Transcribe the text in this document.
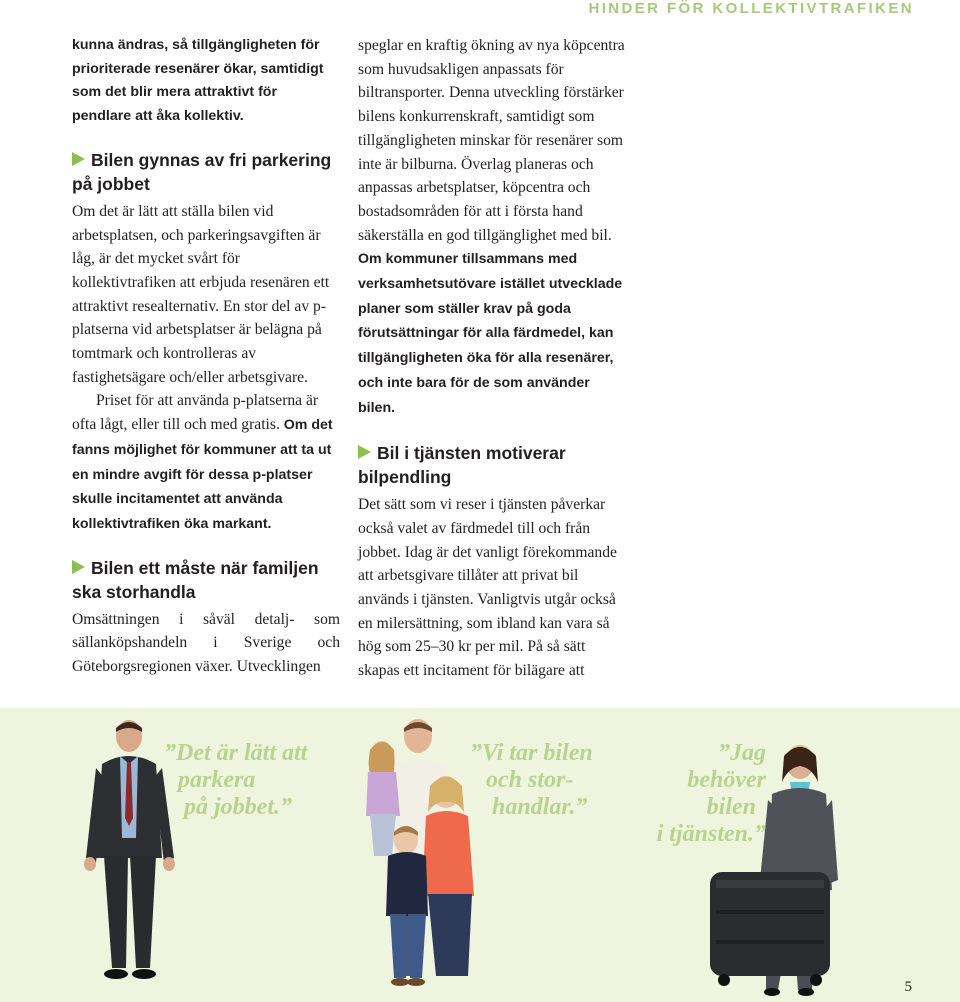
HINDER FÖR KOLLEKTIVTRAFIKEN

kunna ändras, så tillgängligheten för prioriterade resenärer ökar, samtidigt som det blir mera attraktivt för pendlare att åka kollektiv.

Bilen gynnas av fri parkering på jobbet

Om det är lätt att ställa bilen vid arbetsplatsen, och parkeringsavgiften är låg, är det mycket svårt för kollektivtrafiken att erbjuda resenären ett attraktivt resealternativ. En stor del av p-platserna vid arbetsplatser är belägna på tomtmark och kontrolleras av fastighetsägare och/eller arbetsgivare.

Priset för att använda p-platserna är ofta lågt, eller till och med gratis. Om det fanns möjlighet för kommuner att ta ut en mindre avgift för dessa p-platser skulle incitamentet att använda kollektivtrafiken öka markant.

Bilen ett måste när familjen ska storhandla

Omsättningen i såväl detalj- som sällanköpshandeln i Sverige och Göteborgsregionen växer. Utvecklingen

speglar en kraftig ökning av nya köpcentra som huvudsakligen anpassats för biltransporter. Denna utveckling förstärker bilens konkurrenskraft, samtidigt som tillgängligheten minskar för resenärer som inte är bilburna. Överlag planeras och anpassas arbetsplatser, köpcentra och bostadsområden för att i första hand säkerställa en god tillgänglighet med bil. Om kommuner tillsammans med verksamhetsutövare istället utvecklade planer som ställer krav på goda förutsättningar för alla färdmedel, kan tillgängligheten öka för alla resenärer, och inte bara för de som använder bilen.

Bil i tjänsten motiverar bilpendling

Det sätt som vi reser i tjänsten påverkar också valet av färdmedel till och från jobbet. Idag är det vanligt förekommande att arbetsgivare tillåter att privat bil används i tjänsten. Vanligtvis utgår också en milersättning, som ibland kan vara så hög som 25–30 kr per mil. På så sätt skapas ett incitament för bilägare att

”Det är lätt att
parkera
på jobbet.”
”Vi tar bilen
och stor-
handlar.”
”Jag behöver
bilen
i tjänsten.”
5
